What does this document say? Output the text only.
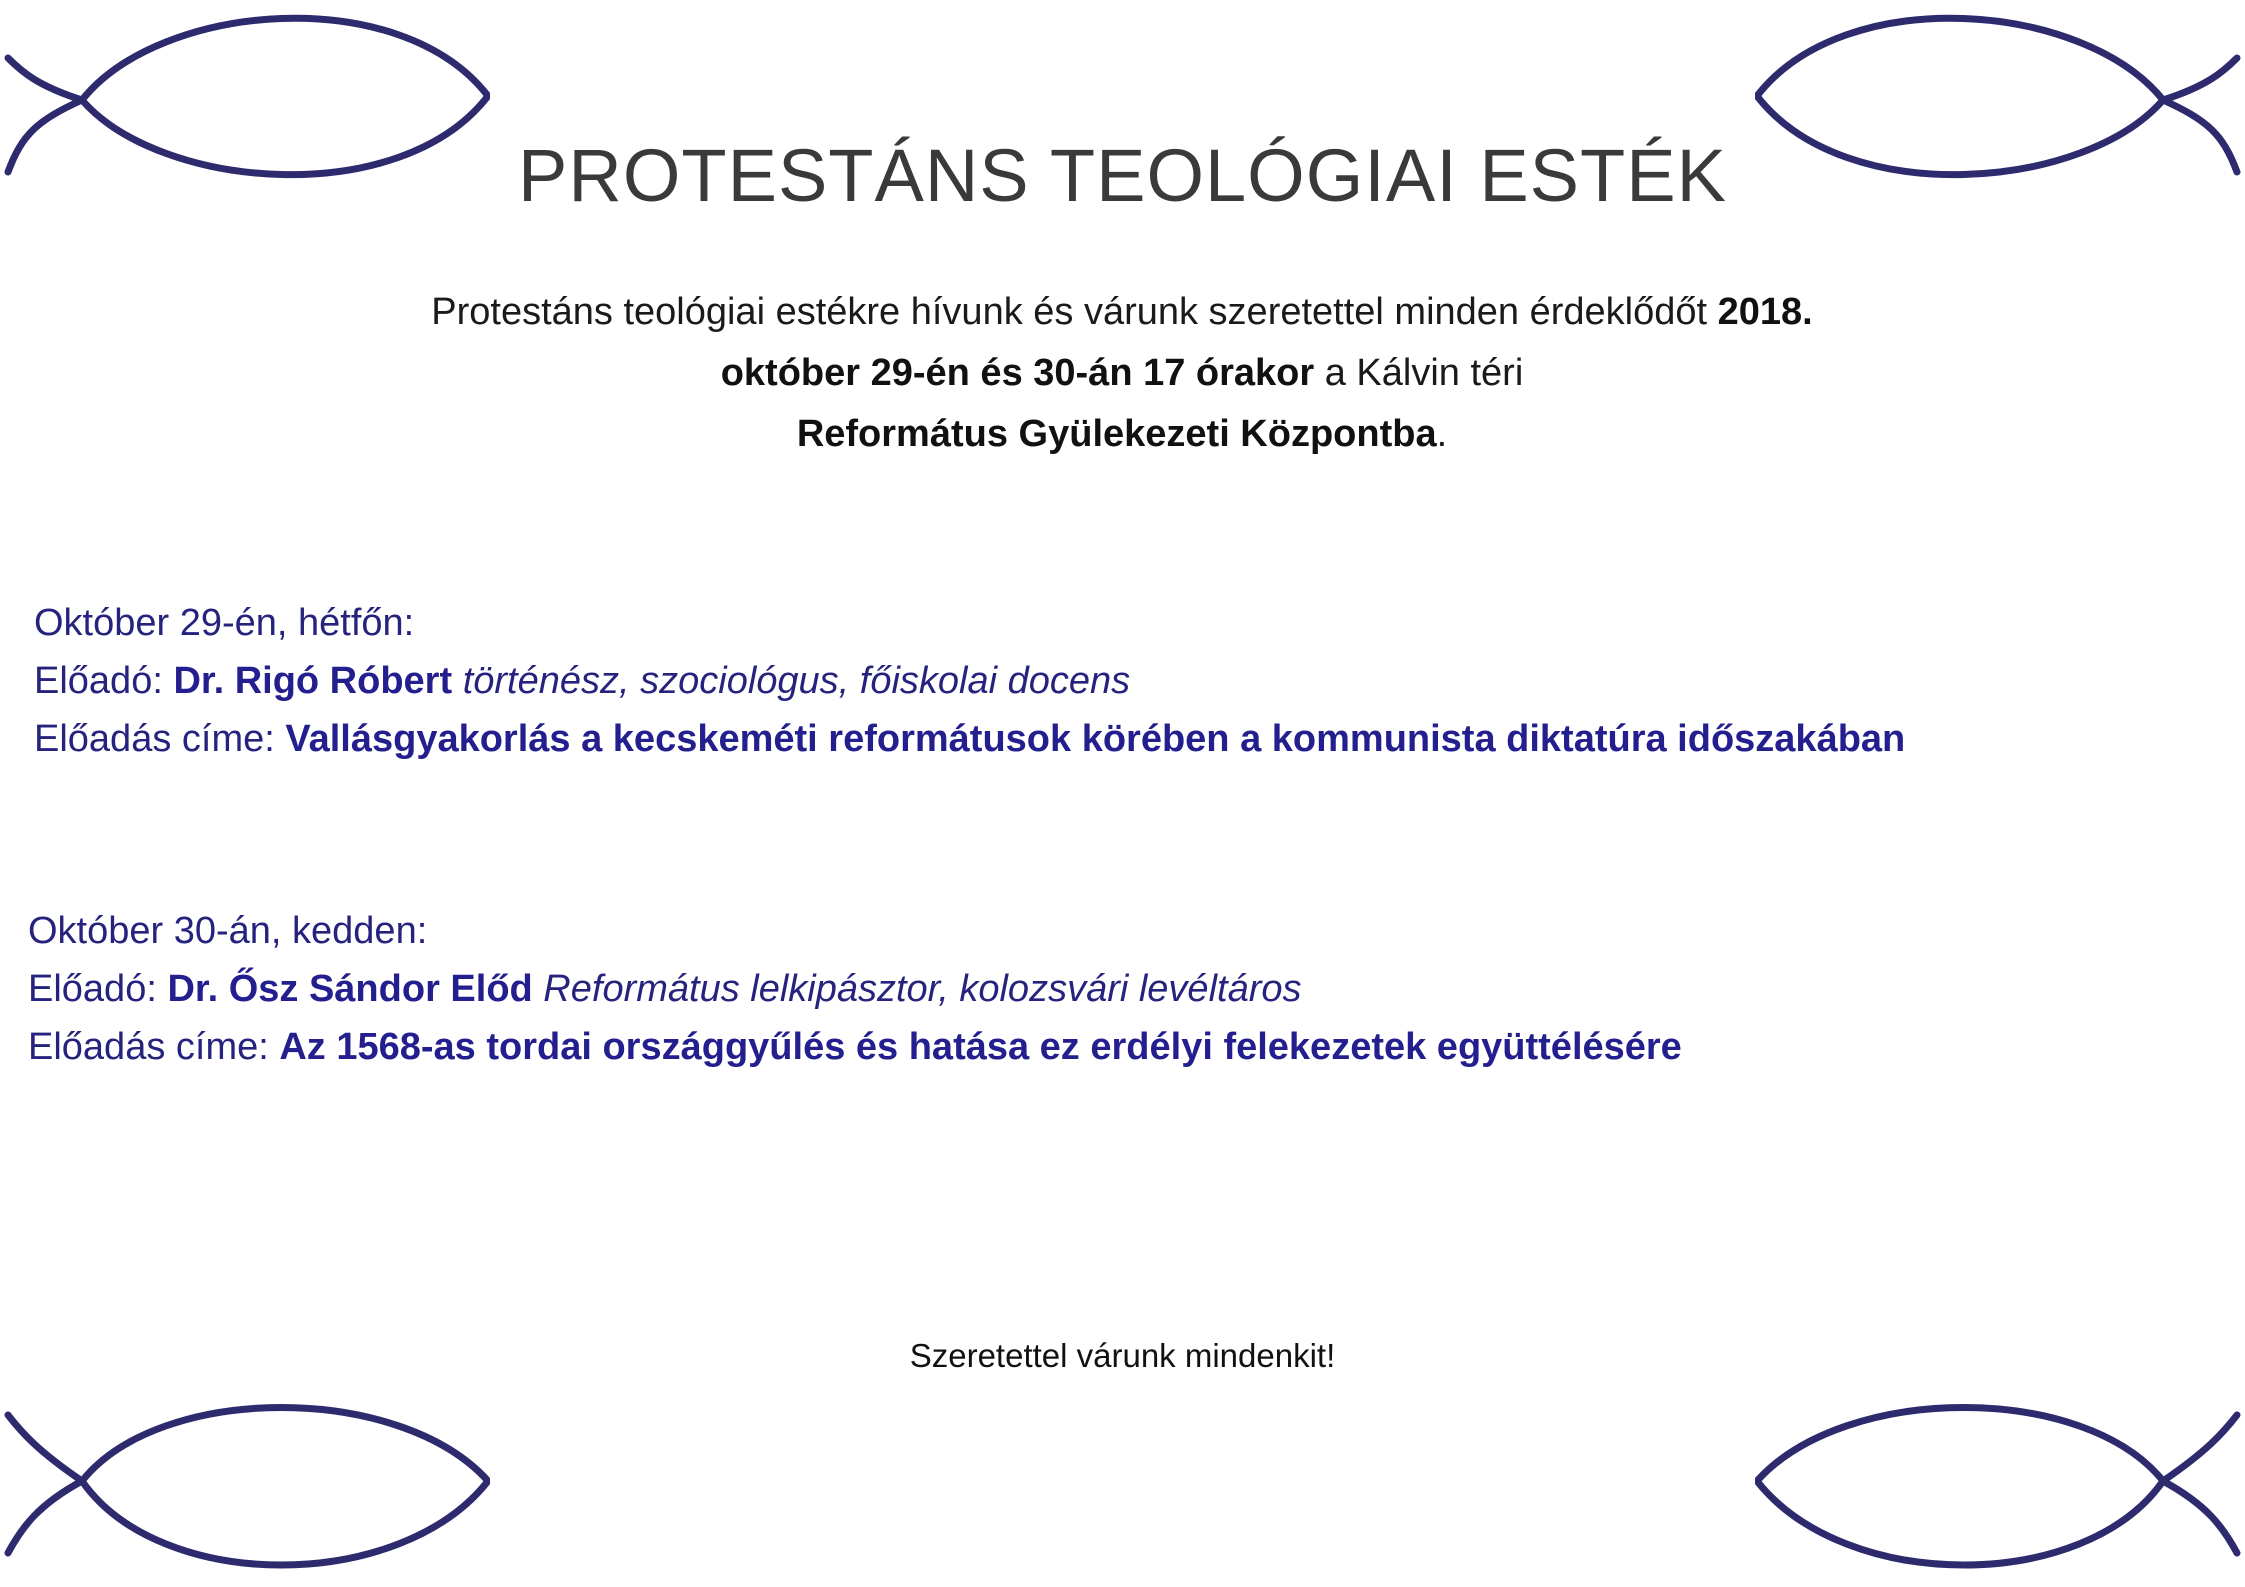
PROTESTÁNS TEOLÓGIAI ESTÉK

Protestáns teológiai estékre hívunk és várunk szeretettel minden érdeklődőt 2018. október 29-én és 30-án 17 órakor a Kálvin téri
Református Gyülekezeti Központba.

Október 29-én, hétfőn:

Előadó: Dr. Rigó Róbert történész, szociológus, főiskolai docens

Előadás címe: Vallásgyakorlás a kecskeméti reformátusok körében a kommunista diktatúra időszakában

Október 30-án, kedden:

Előadó: Dr. Ősz Sándor Előd Református lelkipásztor, kolozsvári levéltáros

Előadás címe: Az 1568-as tordai országgyűlés és hatása ez erdélyi felekezetek együttélésére

Szeretettel várunk mindenkit!
